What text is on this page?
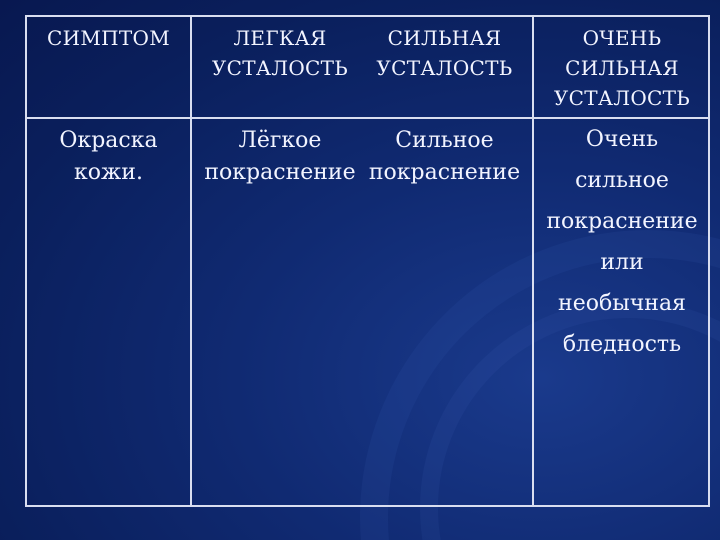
СИМПТОМ	ЛЕГКАЯ
УСТАЛОСТЬ
СИЛЬНАЯ
УСТАЛОСТЬ
ОЧЕНЬ
СИЛЬНАЯ
УСТАЛОСТЬ
Окраска
кожи.
Лёгкое
покраснение
Сильное
покраснение
Очень
сильное
покраснение
или
необычная
бледность
